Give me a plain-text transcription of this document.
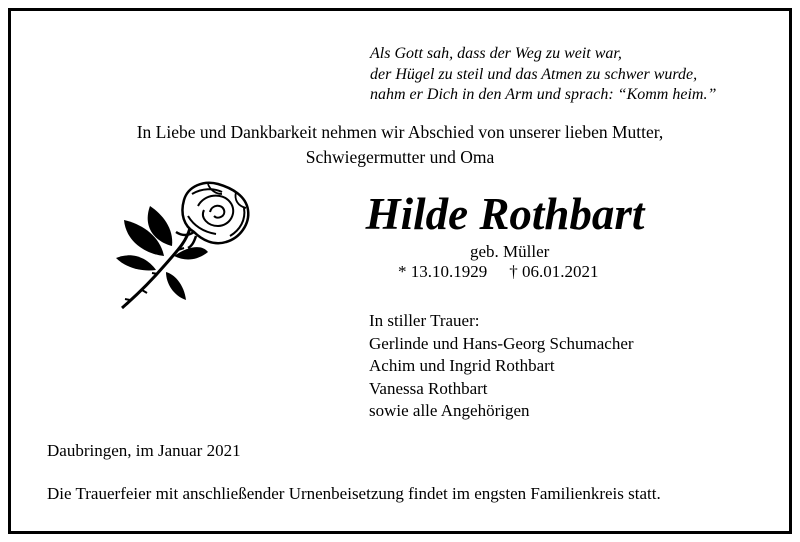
Als Gott sah, dass der Weg zu weit war,
der Hügel zu steil und das Atmen zu schwer wurde,
nahm er Dich in den Arm und sprach: “Komm heim.”
In Liebe und Dankbarkeit nehmen wir Abschied von unserer lieben Mutter,
Schwiegermutter und Oma
Hilde Rothbart
geb. Müller
* 13.10.1929 † 06.01.2021
In stiller Trauer:
Gerlinde und Hans-Georg Schumacher
Achim und Ingrid Rothbart
Vanessa Rothbart
sowie alle Angehörigen
Daubringen, im Januar 2021
Die Trauerfeier mit anschließender Urnenbeisetzung findet im engsten Familienkreis statt.
